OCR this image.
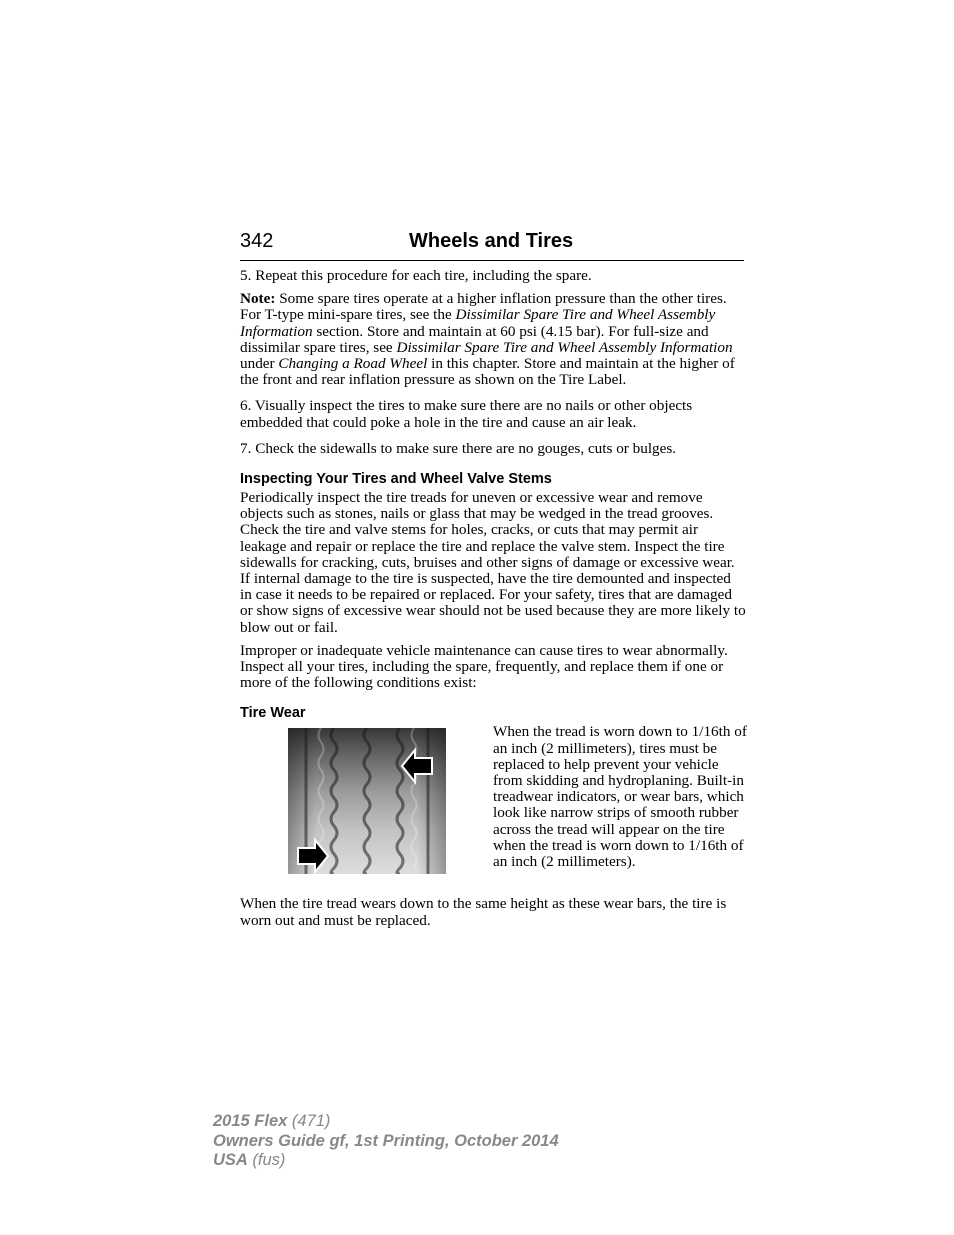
342	Wheels and Tires

5. Repeat this procedure for each tire, including the spare.

Note: Some spare tires operate at a higher inflation pressure than the other tires. For T-type mini-spare tires, see the Dissimilar Spare Tire and Wheel Assembly Information section. Store and maintain at 60 psi (4.15 bar). For full-size and dissimilar spare tires, see Dissimilar Spare Tire and Wheel Assembly Information under Changing a Road Wheel in this chapter. Store and maintain at the higher of the front and rear inflation pressure as shown on the Tire Label.

6. Visually inspect the tires to make sure there are no nails or other objects embedded that could poke a hole in the tire and cause an air leak.

7. Check the sidewalls to make sure there are no gouges, cuts or bulges.

Inspecting Your Tires and Wheel Valve Stems

Periodically inspect the tire treads for uneven or excessive wear and remove objects such as stones, nails or glass that may be wedged in the tread grooves. Check the tire and valve stems for holes, cracks, or cuts that may permit air leakage and repair or replace the tire and replace the valve stem. Inspect the tire sidewalls for cracking, cuts, bruises and other signs of damage or excessive wear. If internal damage to the tire is suspected, have the tire demounted and inspected in case it needs to be repaired or replaced. For your safety, tires that are damaged or show signs of excessive wear should not be used because they are more likely to blow out or fail.

Improper or inadequate vehicle maintenance can cause tires to wear abnormally. Inspect all your tires, including the spare, frequently, and replace them if one or more of the following conditions exist:

Tire Wear
When the tread is worn down to 1/16th of an inch (2 millimeters), tires must be replaced to help prevent your vehicle from skidding and hydroplaning. Built-in treadwear indicators, or wear bars, which look like narrow strips of smooth rubber across the tread will appear on the tire when the tread is worn down to 1/16th of an inch (2 millimeters).

When the tire tread wears down to the same height as these wear bars, the tire is worn out and must be replaced.

2015 Flex (471)
Owners Guide gf, 1st Printing, October 2014
USA (fus)
